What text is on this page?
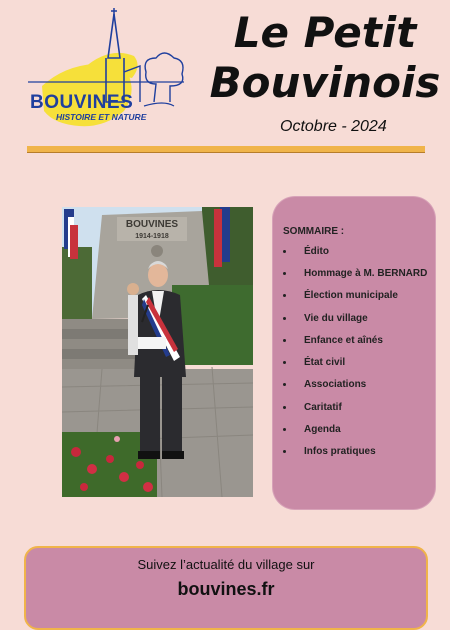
BOUVINES
HISTOIRE ET NATURE
Le Petit
Bouvinois
Octobre - 2024
BOUVINES
1914-1918	SOMMAIRE :
Édito
Hommage à M. BERNARD
Élection municipale
Vie du village
Enfance et aînés
État civil
Associations
Caritatif
Agenda
Infos pratiques
Suivez l’actualité du village sur
bouvines.fr
